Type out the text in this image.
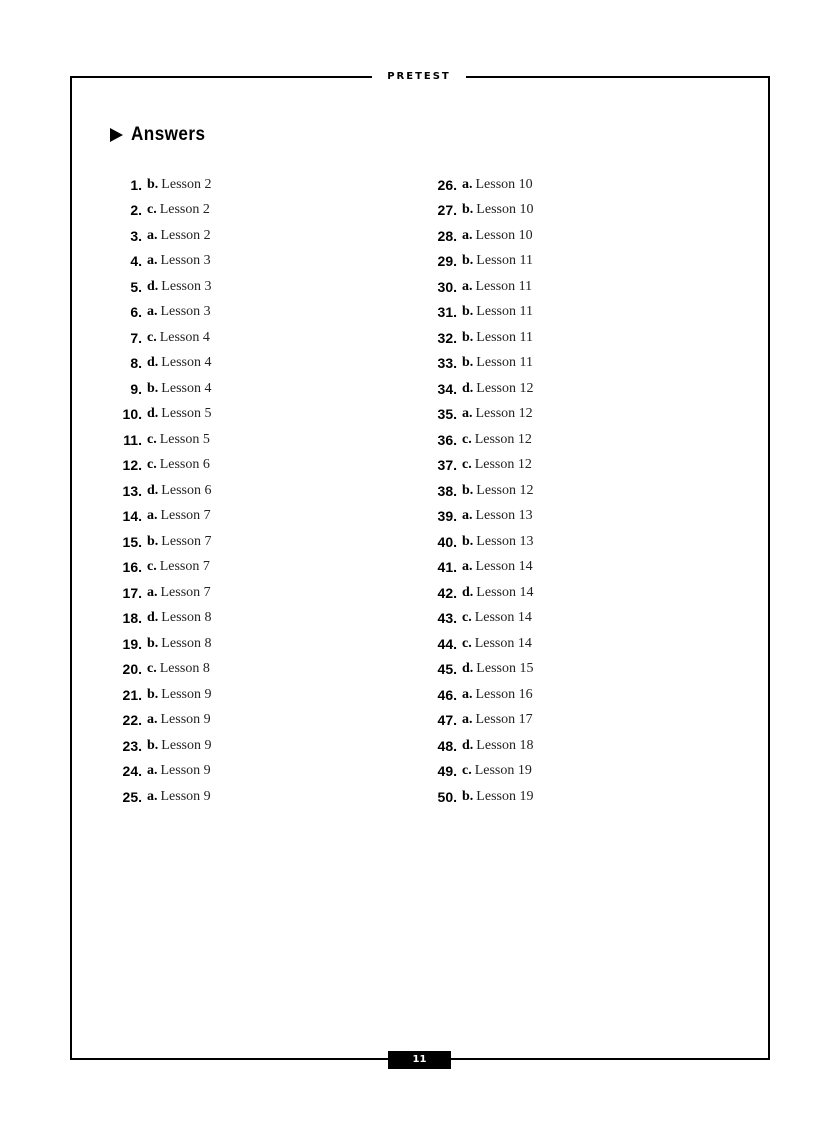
PRETEST
Answers
1. b. Lesson 2
2. c. Lesson 2
3. a. Lesson 2
4. a. Lesson 3
5. d. Lesson 3
6. a. Lesson 3
7. c. Lesson 4
8. d. Lesson 4
9. b. Lesson 4
10. d. Lesson 5
11. c. Lesson 5
12. c. Lesson 6
13. d. Lesson 6
14. a. Lesson 7
15. b. Lesson 7
16. c. Lesson 7
17. a. Lesson 7
18. d. Lesson 8
19. b. Lesson 8
20. c. Lesson 8
21. b. Lesson 9
22. a. Lesson 9
23. b. Lesson 9
24. a. Lesson 9
25. a. Lesson 9
26. a. Lesson 10
27. b. Lesson 10
28. a. Lesson 10
29. b. Lesson 11
30. a. Lesson 11
31. b. Lesson 11
32. b. Lesson 11
33. b. Lesson 11
34. d. Lesson 12
35. a. Lesson 12
36. c. Lesson 12
37. c. Lesson 12
38. b. Lesson 12
39. a. Lesson 13
40. b. Lesson 13
41. a. Lesson 14
42. d. Lesson 14
43. c. Lesson 14
44. c. Lesson 14
45. d. Lesson 15
46. a. Lesson 16
47. a. Lesson 17
48. d. Lesson 18
49. c. Lesson 19
50. b. Lesson 19
11
